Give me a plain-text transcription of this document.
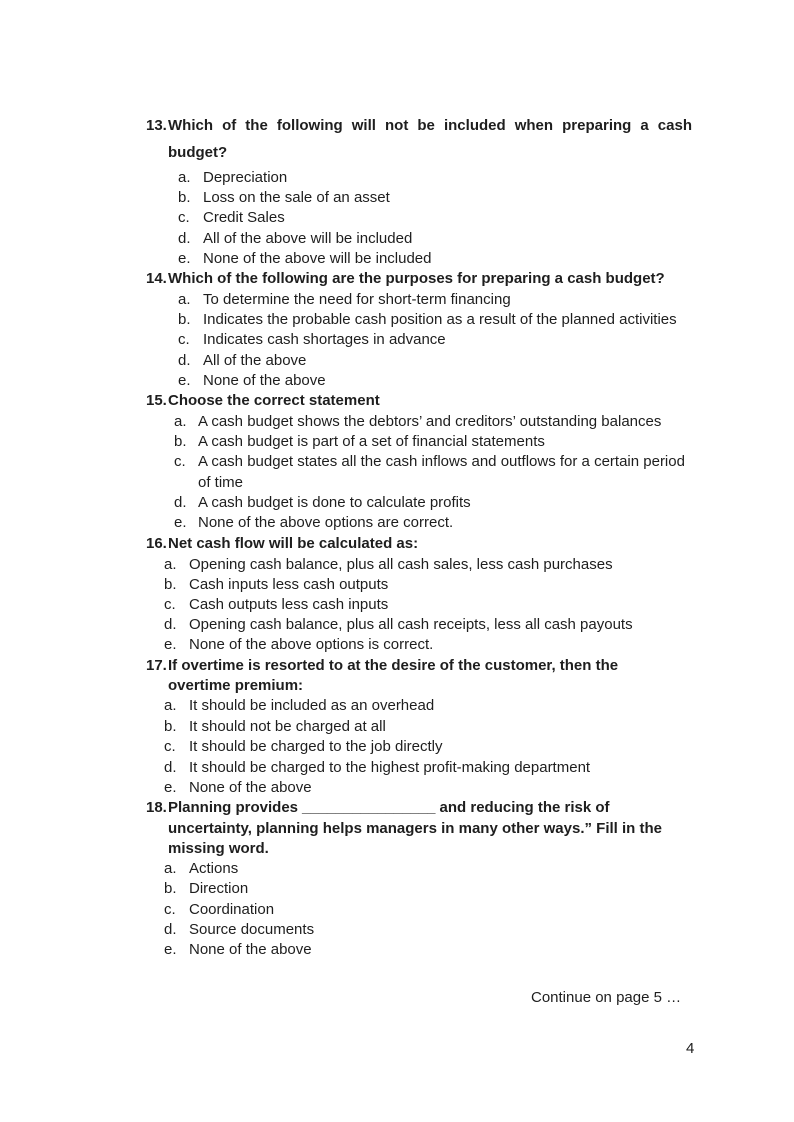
13. Which of the following will not be included when preparing a cash
budget?
a. Depreciation
b. Loss on the sale of an asset
c. Credit Sales
d. All of the above will be included
e. None of the above will be included
14. Which of the following are the purposes for preparing a cash budget?
a. To determine the need for short-term financing
b. Indicates the probable cash position as a result of the planned activities
c. Indicates cash shortages in advance
d. All of the above
e. None of the above
15. Choose the correct statement
a. A cash budget shows the debtors’ and creditors’ outstanding balances
b. A cash budget is part of a set of financial statements
c. A cash budget states all the cash inflows and outflows for a certain period
d. A cash budget is done to calculate profits
e. None of the above options are correct.
of time
16. Net cash flow will be calculated as:
a. Opening cash balance, plus all cash sales, less cash purchases
b. Cash inputs less cash outputs
c. Cash outputs less cash inputs
d. Opening cash balance, plus all cash receipts, less all cash payouts
e. None of the above options is correct.
17. If overtime is resorted to at the desire of the customer, then the
overtime premium:
a. It should be included as an overhead
b. It should not be charged at all
c. It should be charged to the job directly
d. It should be charged to the highest profit-making department
e. None of the above
18. Planning provides ________________ and reducing the risk of
uncertainty, planning helps managers in many other ways.” Fill in the
missing word.
a. Actions
b. Direction
c. Coordination
d. Source documents
e. None of the above
Continue on page 5 …
4
